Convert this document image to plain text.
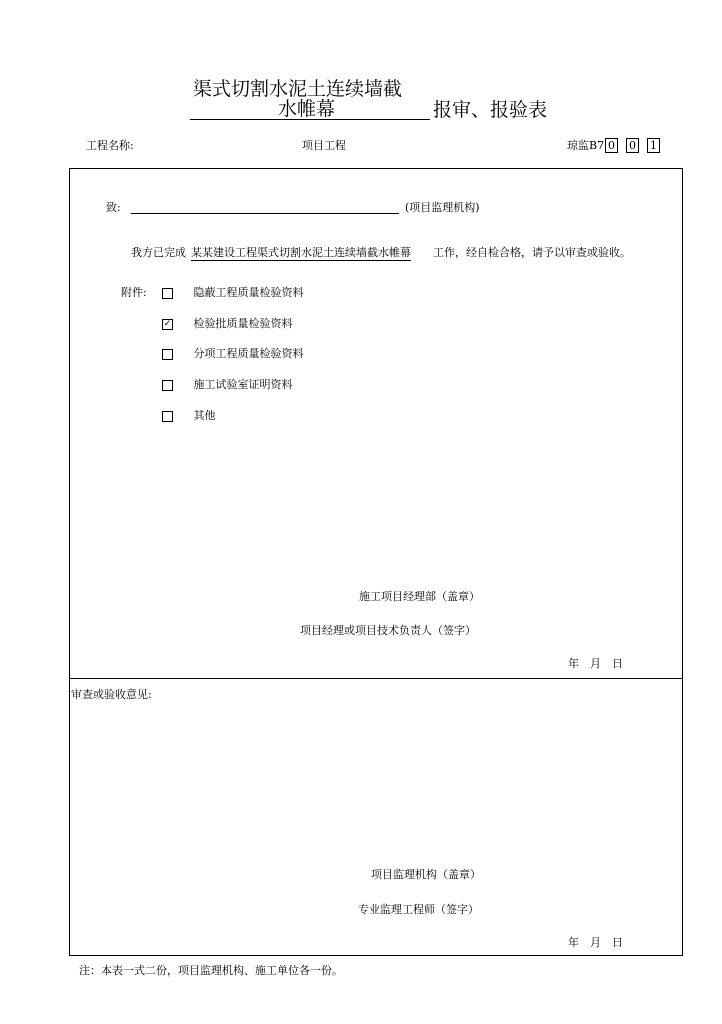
渠式切割水泥土连续墙截
水帷幕	报审、报验表
工程名称:	项目工程	琼监B7 0 0 1
致:	(项目监理机构)
我方已完成 某某建设工程渠式切割水泥土连续墙截水帷幕 工作，经自检合格，请予以审查或验收。
附件:	隐蔽工程质量检验资料
✓ 检验批质量检验资料
分项工程质量检验资料
施工试验室证明资料
其他
施工项目经理部（盖章）
项目经理或项目技术负责人（签字）
年　月　日
审查或验收意见:
项目监理机构（盖章）
专业监理工程师（签字）
年　月　日
注：本表一式二份，项目监理机构、施工单位各一份。
